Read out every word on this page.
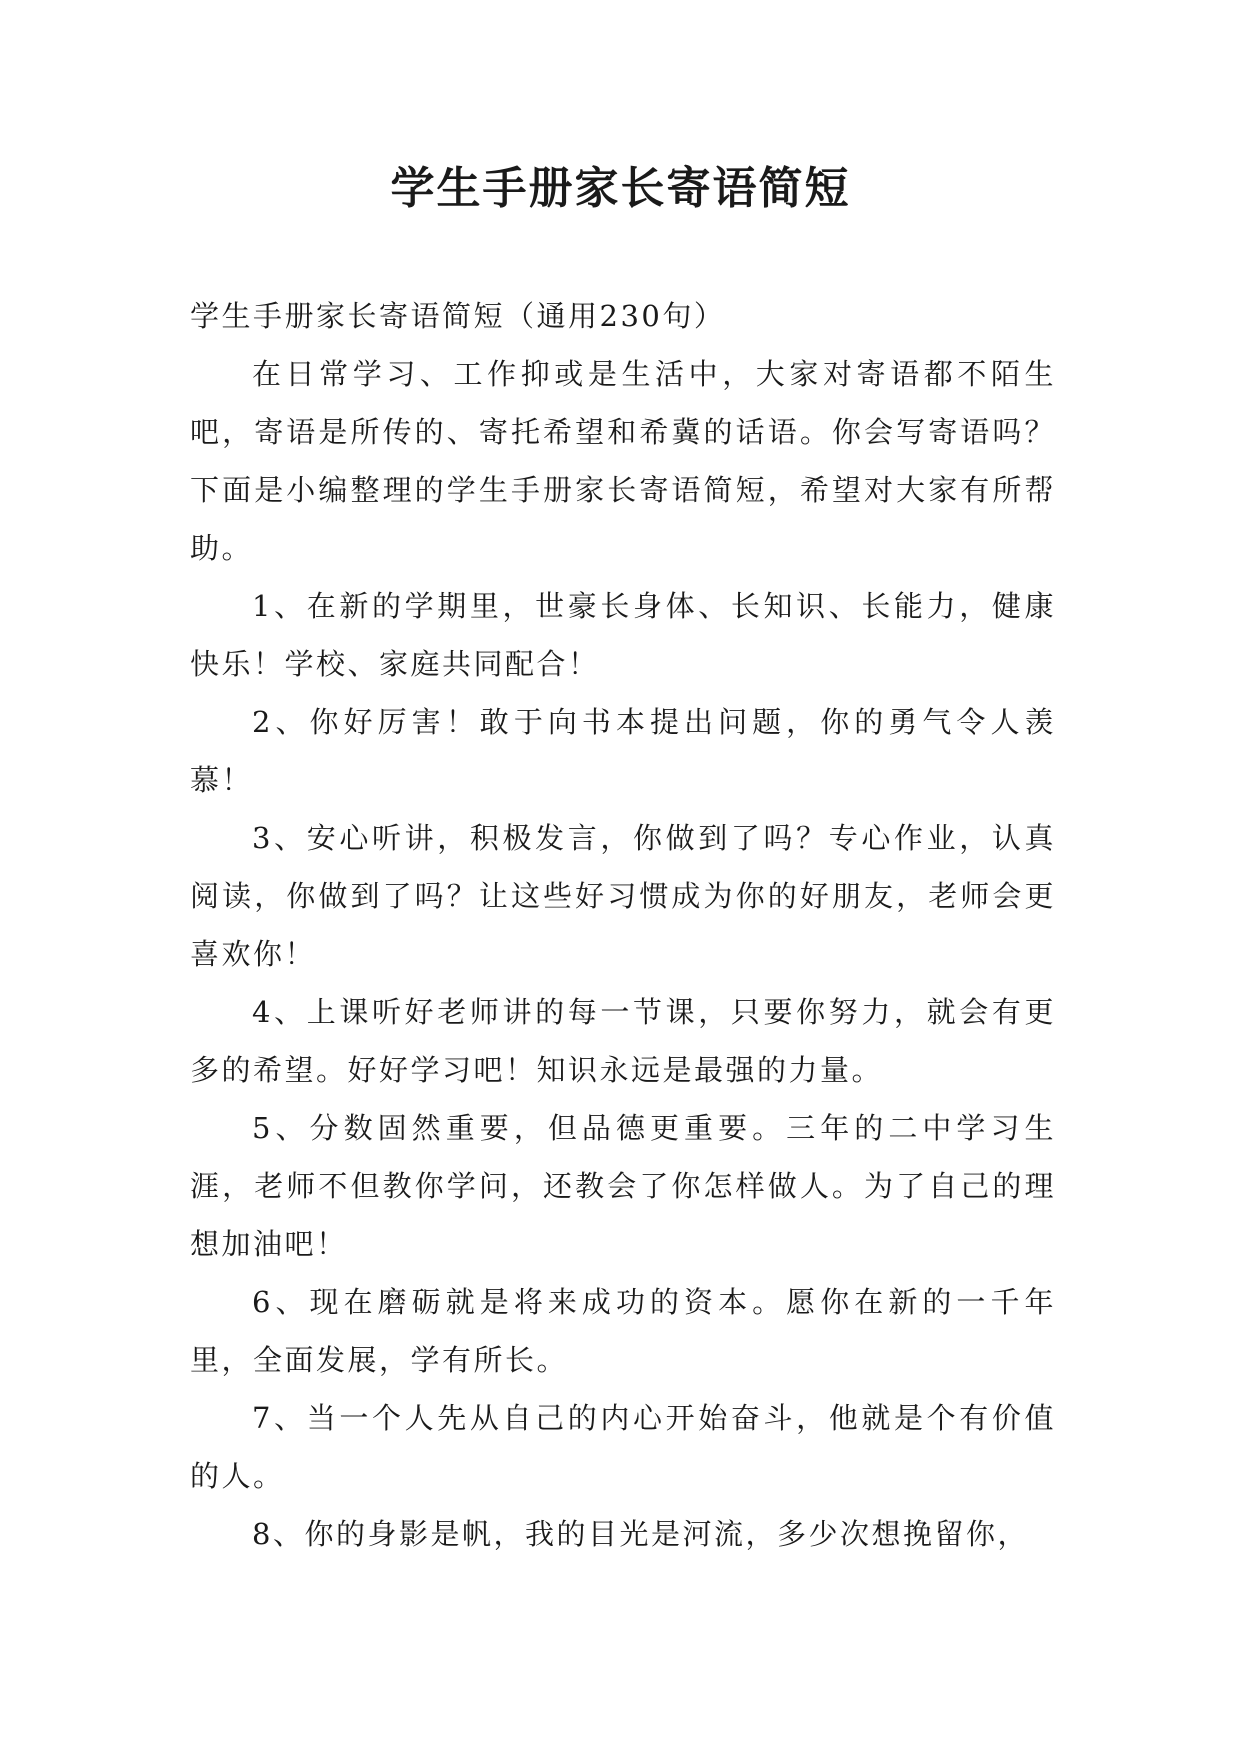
学生手册家长寄语简短

学生手册家长寄语简短（通用230句）

在日常学习、工作抑或是生活中，大家对寄语都不陌生吧，寄语是所传的、寄托希望和希冀的话语。你会写寄语吗？下面是小编整理的学生手册家长寄语简短，希望对大家有所帮助。

1、在新的学期里，世豪长身体、长知识、长能力，健康快乐！学校、家庭共同配合！

2、你好厉害！敢于向书本提出问题，你的勇气令人羡慕！

3、安心听讲，积极发言，你做到了吗？专心作业，认真阅读，你做到了吗？让这些好习惯成为你的好朋友，老师会更喜欢你！

4、上课听好老师讲的每一节课，只要你努力，就会有更多的希望。好好学习吧！知识永远是最强的力量。

5、分数固然重要，但品德更重要。三年的二中学习生涯，老师不但教你学问，还教会了你怎样做人。为了自己的理想加油吧！

6、现在磨砺就是将来成功的资本。愿你在新的一千年里，全面发展，学有所长。

7、当一个人先从自己的内心开始奋斗，他就是个有价值的人。

8、你的身影是帆，我的目光是河流，多少次想挽留你，
